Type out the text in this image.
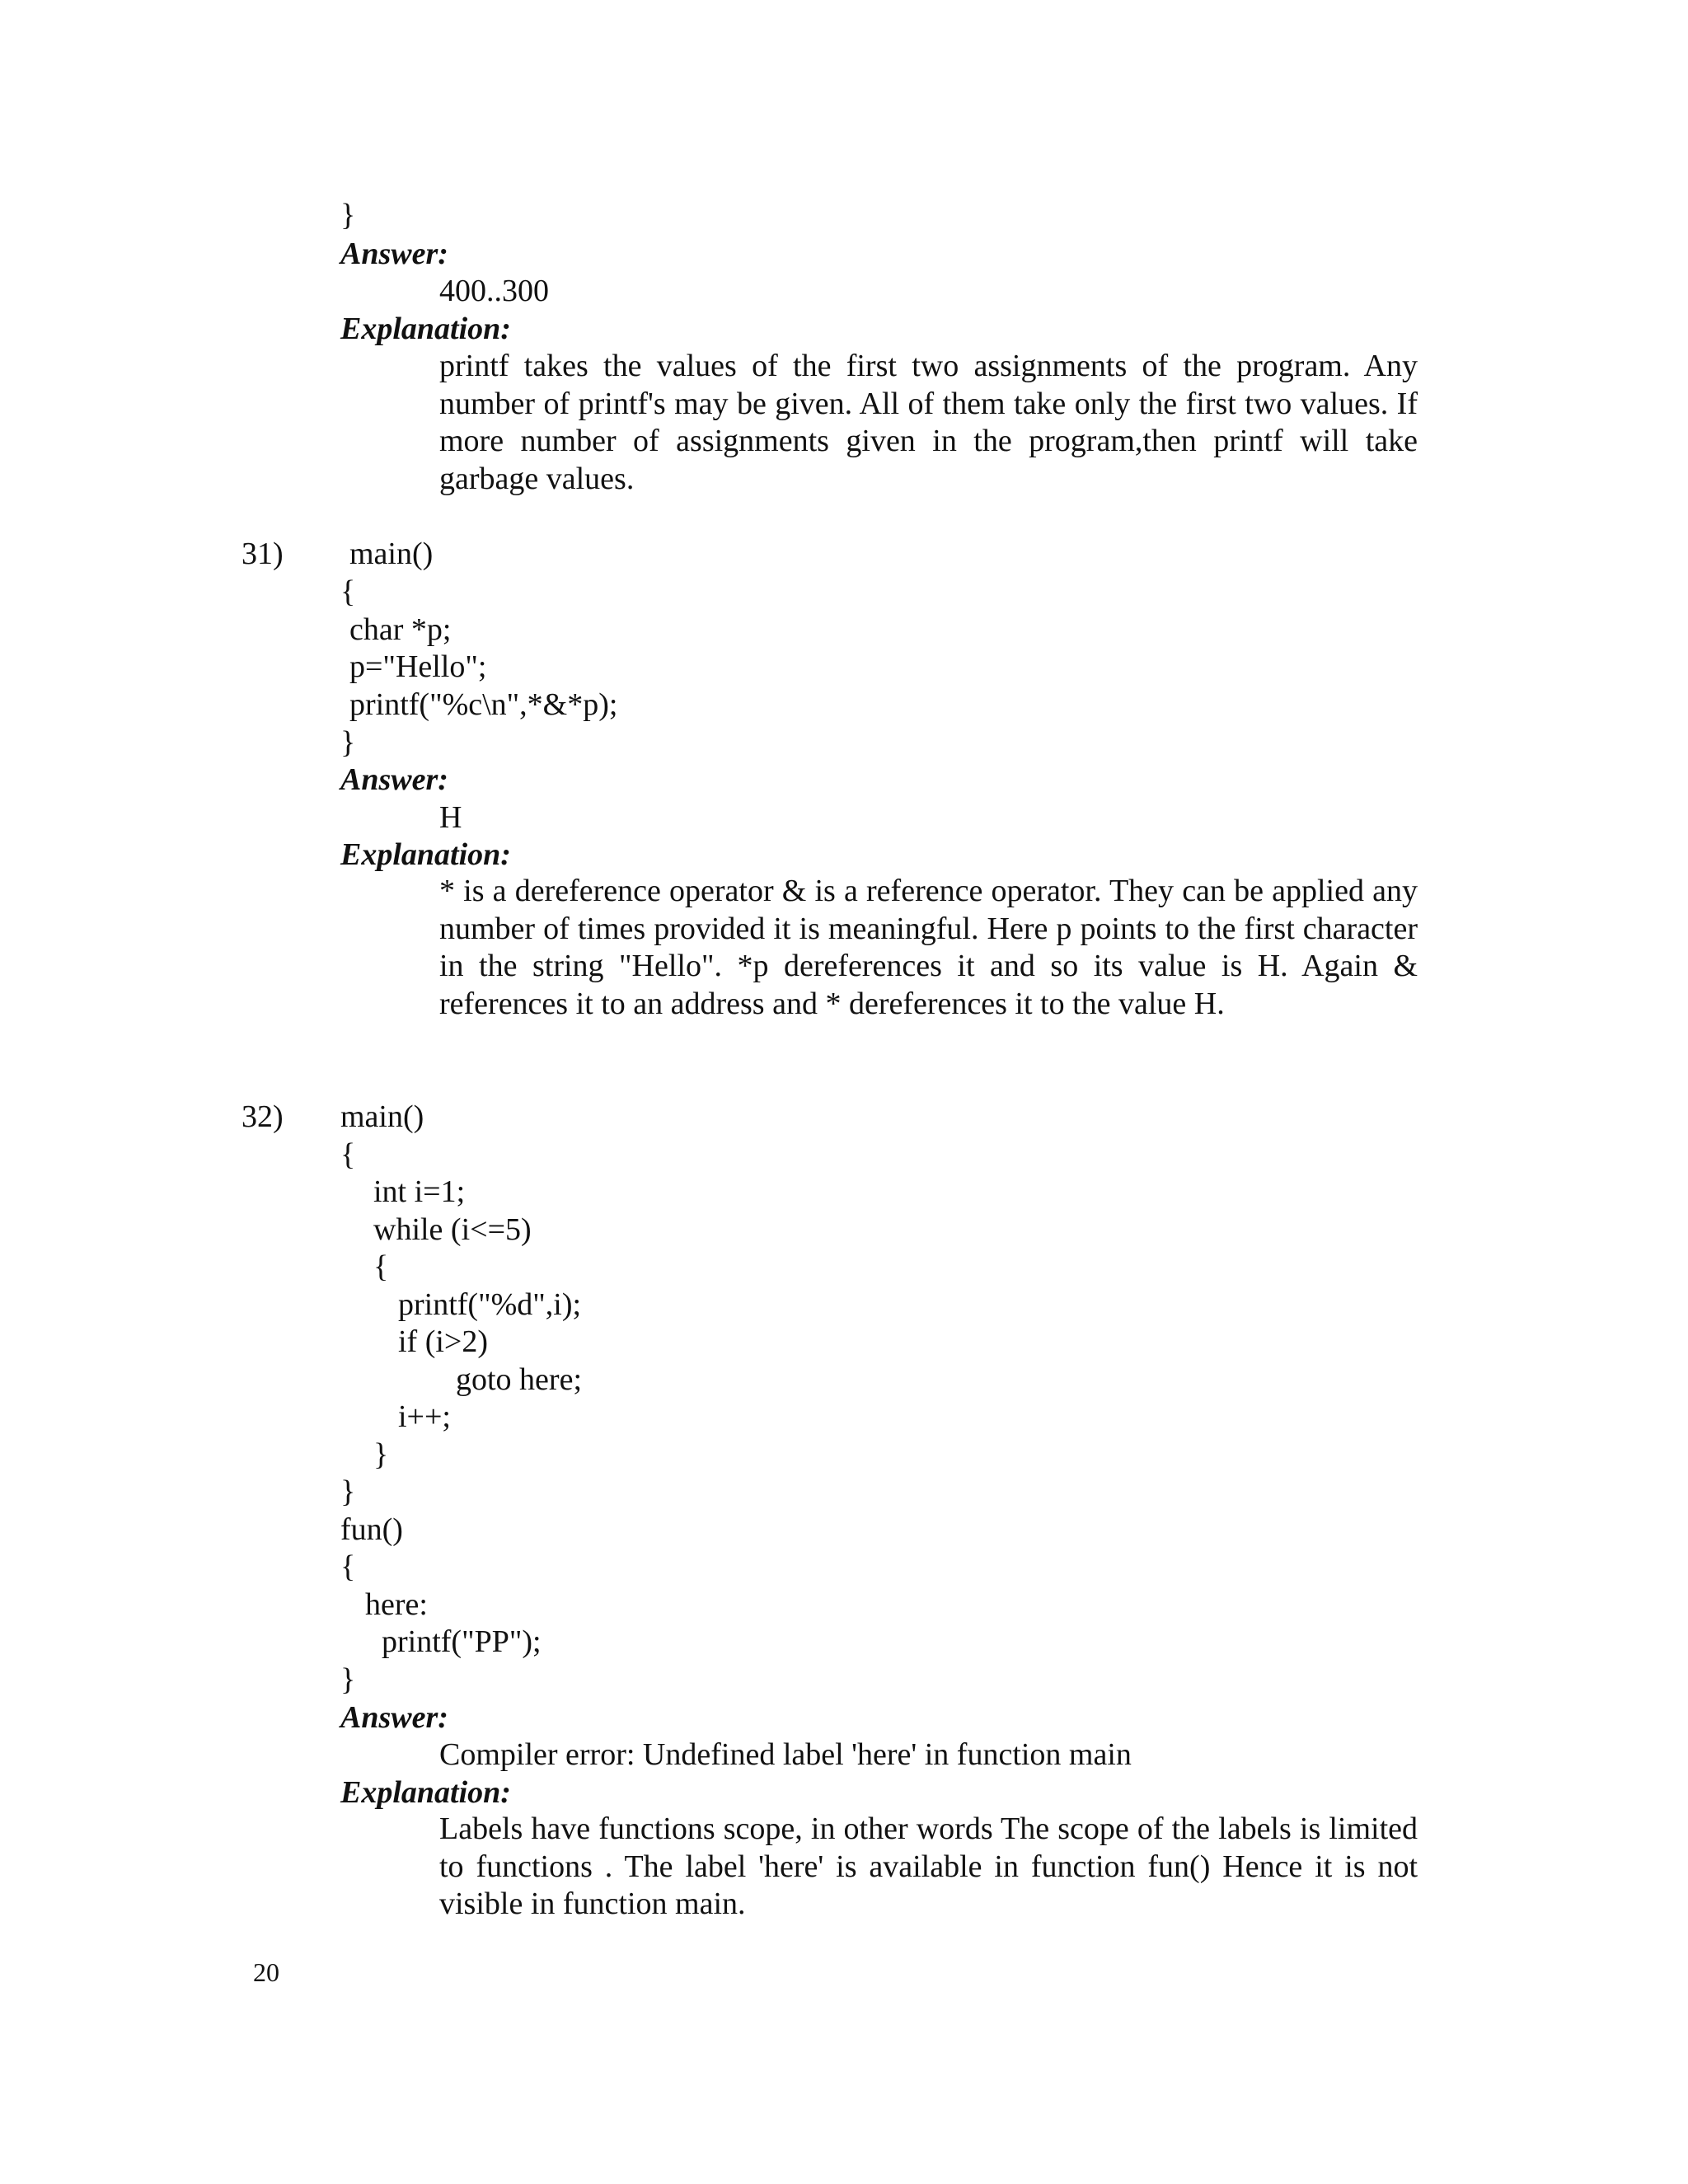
}
Answer:
400..300
Explanation:

printf takes the values of the first two assignments of the program. Any number of printf's may be given. All of them take only the first two values. If more number of assignments given in the program,then printf will take garbage values.

31) main()
{
char *p;
p="Hello";
printf("%c\n",*&*p);
}
Answer:
H
Explanation:

* is a dereference operator & is a reference operator. They can be applied any number of times provided it is meaningful. Here p points to the first character in the string "Hello". *p dereferences it and so its value is H. Again & references it to an address and * dereferences it to the value H.

32) main()
{
int i=1;
while (i<=5)
{
printf("%d",i);
if (i>2)
goto here;
i++;
}
}
fun()
{
here:
printf("PP");
}
Answer:
Compiler error: Undefined label 'here' in function main
Explanation:

Labels have functions scope, in other words The scope of the labels is limited to functions . The label 'here' is available in function fun() Hence it is not visible in function main.

20
